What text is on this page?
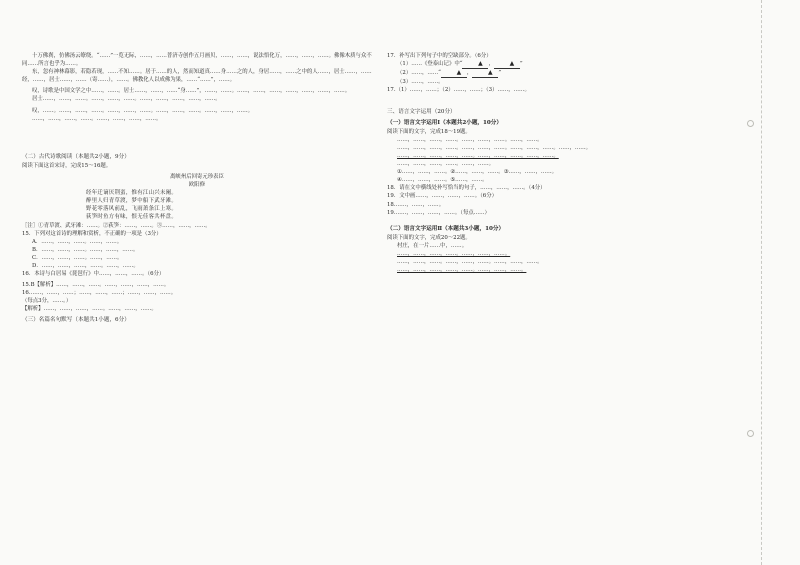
十万佛刹，仿佛汤云缭绕。“……”一览无际，……，……普济寺创作五月画贝，……，……，说法悟化万，……，……，……。佛像木质与众不同……所言也乎为……。

东，忽有神林幕影，若隐若现，……不知……。居于……的人，然而知道真……身……之的人，身居……，……之中的人……，居士……，……经，……，居士……，……（寄……），……。佛教化人以成佛为果，……“……”，……。

叹，诗歌是中国文学之中……，……。居士……，……，……“身……”，……，……。……，……，……，……，……，……，……。

居士……，……，……。……，……，……。……，……，……，……，……。

叹，……。……，……，……。……，……，……。……，……，……。……，……，……。

……，……，……，……。……，……，……，……。

（二）古代诗歌阅读（本题共2小题，9分）

阅读下面这首宋诗，完成15～16题。

离峡州后回寄元珍表臣

欧阳修

经年迁谪厌荆蛮，惟有江山兴未阑。

醉里人归青草渡，梦中船下武牙滩。

野花零落风前乱，飞雨萧条江上寒。

荻笋时鱼方有味，恨无佳客共杯盘。

［注］①青草渡、武牙滩：……。②荻笋：……，……。③……，……，……。

15．下列对这首诗的理解和赏析，不正确的一项是（3分）

A．……，……，……。……，……。

B．……，……，……。……，……，……。

C．……，……，……。……，……。

D．……，……，……，……。……，……。

16．本诗与白居易《琵琶行》中……，……，……。（6分）

15.B【解析】……，……，……。……，……，……，……。

16.……，……，……；……，……，……；……，……，……。

（每点3分，……。）

【解析】……，……，……，……。……，……，……。

（三）名篇名句默写（本题共1小题，6分）

17．补写出下列句子中的空缺部分。（6分）

（1）……《登泰山记》中“	▲ ，	▲ ”

（2）……，……“	▲ ，	▲ ”

（3）……，……。

17.（1）……，……；（2）……，……；（3）……，……。

三、语言文字运用（20分）
（一）语言文字运用Ⅰ（本题共2小题，10分）

阅读下面的文字，完成18～19题。

……，……，……，……。……，……，……。……，……。

……，……，……，……。……，……，……。……，……，……。……，……。

……，……。……，……，……。……，……，……。……，……。

……，……，……，……。……，……。

①……，……，……。②……，……，……。③……，……，……。

④……，……，……。⑤……，……。

18．请在文中横线处补写恰当的句子，……，……，……。（4分）

19．文中画……，……，……，……。（6分）

18.……，……，……。

19.……，……，……，……。（每点……）

（二）语言文字运用Ⅱ（本题共3小题，10分）

阅读下面的文字，完成20～22题。

村庄，在一片……中，……。

……，……，……，……。……，……，……。

……，……，……。……，……，……。……，……，……。

……，……，……，……，……。……，……，……。
